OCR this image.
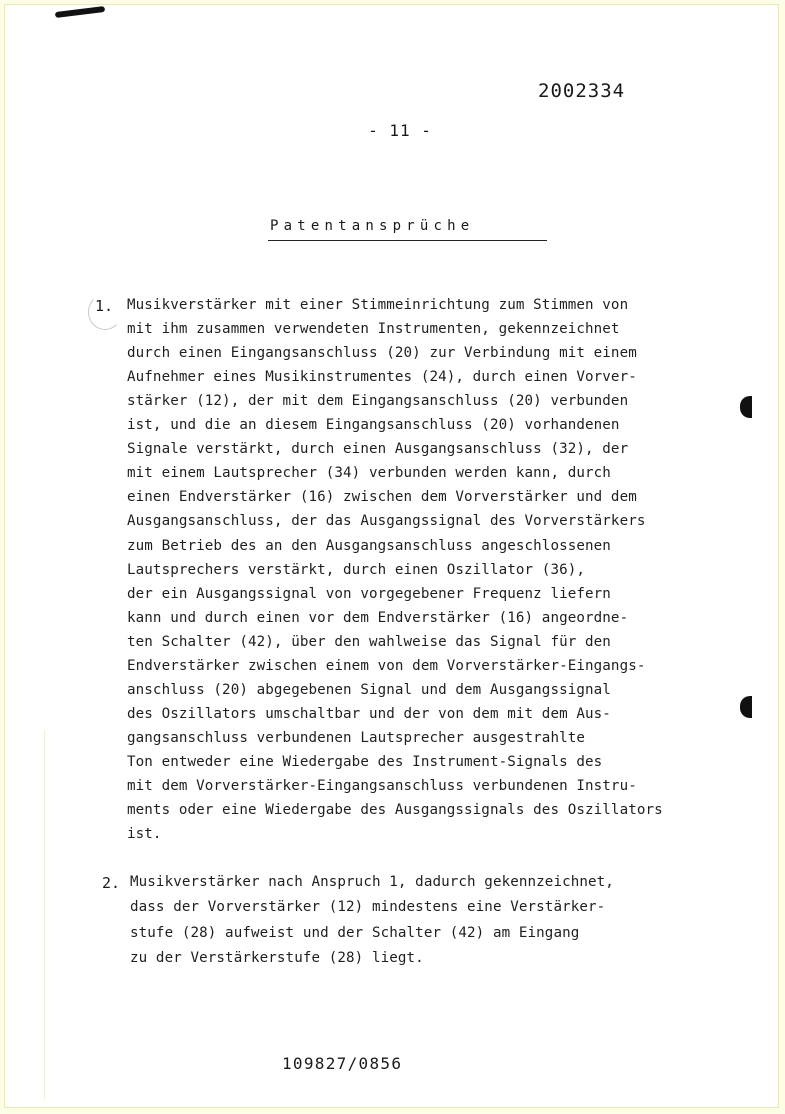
2002334
- 11 -
Patentansprüche
1. Musikverstärker mit einer Stimmeinrichtung zum Stimmen von
mit ihm zusammen verwendeten Instrumenten, gekennzeichnet
durch einen Eingangsanschluss (20) zur Verbindung mit einem
Aufnehmer eines Musikinstrumentes (24), durch einen Vorver-
stärker (12), der mit dem Eingangsanschluss (20) verbunden
ist, und die an diesem Eingangsanschluss (20) vorhandenen
Signale verstärkt, durch einen Ausgangsanschluss (32), der
mit einem Lautsprecher (34) verbunden werden kann, durch
einen Endverstärker (16) zwischen dem Vorverstärker und dem
Ausgangsanschluss, der das Ausgangssignal des Vorverstärkers
zum Betrieb des an den Ausgangsanschluss angeschlossenen
Lautsprechers verstärkt, durch einen Oszillator (36),
der ein Ausgangssignal von vorgegebener Frequenz liefern
kann und durch einen vor dem Endverstärker (16) angeordne-
ten Schalter (42), über den wahlweise das Signal für den
Endverstärker zwischen einem von dem Vorverstärker-Eingangs-
anschluss (20) abgegebenen Signal und dem Ausgangssignal
des Oszillators umschaltbar und der von dem mit dem Aus-
gangsanschluss verbundenen Lautsprecher ausgestrahlte
Ton entweder eine Wiedergabe des Instrument-Signals des
mit dem Vorverstärker-Eingangsanschluss verbundenen Instru-
ments oder eine Wiedergabe des Ausgangssignals des Oszillators
ist.
2. Musikverstärker nach Anspruch 1, dadurch gekennzeichnet,
dass der Vorverstärker (12) mindestens eine Verstärker-
stufe (28) aufweist und der Schalter (42) am Eingang
zu der Verstärkerstufe (28) liegt.
109827/0856
